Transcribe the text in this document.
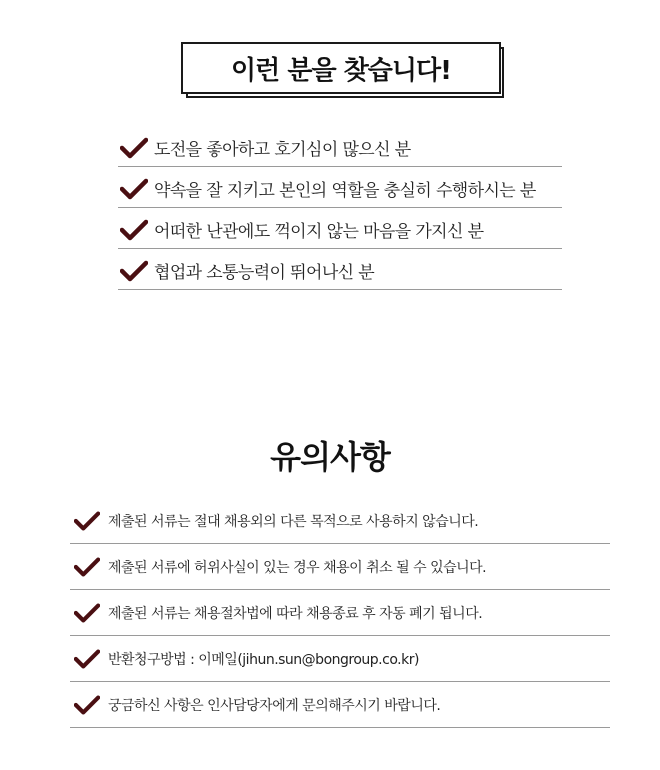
이런 분을 찾습니다!
도전을 좋아하고 호기심이 많으신 분
약속을 잘 지키고 본인의 역할을 충실히 수행하시는 분
어떠한 난관에도 꺽이지 않는 마음을 가지신 분
협업과 소통능력이 뛰어나신 분
유의사항
제출된 서류는 절대 채용외의 다른 목적으로 사용하지 않습니다.
제출된 서류에 허위사실이 있는 경우 채용이 취소 될 수 있습니다.
제출된 서류는 채용절차법에 따라 채용종료 후 자동 폐기 됩니다.
반환청구방법 : 이메일(jihun.sun@bongroup.co.kr)
궁금하신 사항은 인사담당자에게 문의해주시기 바랍니다.
